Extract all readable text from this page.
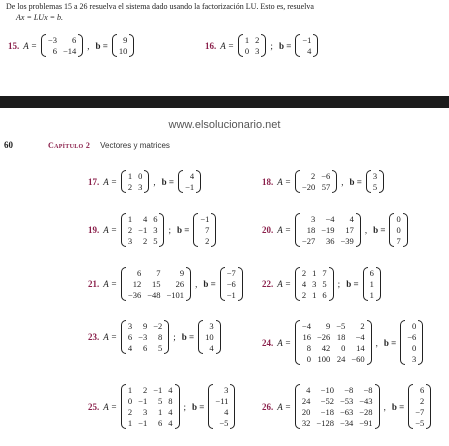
De los problemas 15 a 26 resuelva el sistema dado usando la factorización LU. Esto es, resuelva
Ax = LUx = b.
www.elsolucionario.net
60	Capítulo 2 Vectores y matrices
15. A =
−3	6
6 −14
, b =
9
10
16. A =
1 2
0 3
; b =
−1
4
17. A =
1 0
2 3
, b =
4
−1
18. A =
2 −6
−20 57
, b =
3
5
19. A =
1	4 6
2 −1 3
3	2 5
; b =
−1
7
2
20. A =
3	−4	4
18 −19	17
−27	36 −39
, b =
0
0
7
21. A =
6	7	9
12	15	26
−36 −48 −101
, b =
−7
−6
−1
22. A =
2 1 7
4 3 5
2 1 6
; b =
6
1
1
23. A =
3	9 −2
6 −3	8
4	6	5
; b =
3
10
4
24. A =
−4	9 −5	2
16 −26 18	−4
8	42	0	14
0 100 24 −60
, b =
0
−6
0
3
25. A =
1	2 −1 4
0 −1	5 8
2	3	1 4
1 −1	6 4
; b =
3
−11
4
−5
26. A =
4	−10	−8	−8
24	−52 −53 −43
20	−18 −63 −28
32 −128 −34 −91
, b =
6
2
−7
−5
